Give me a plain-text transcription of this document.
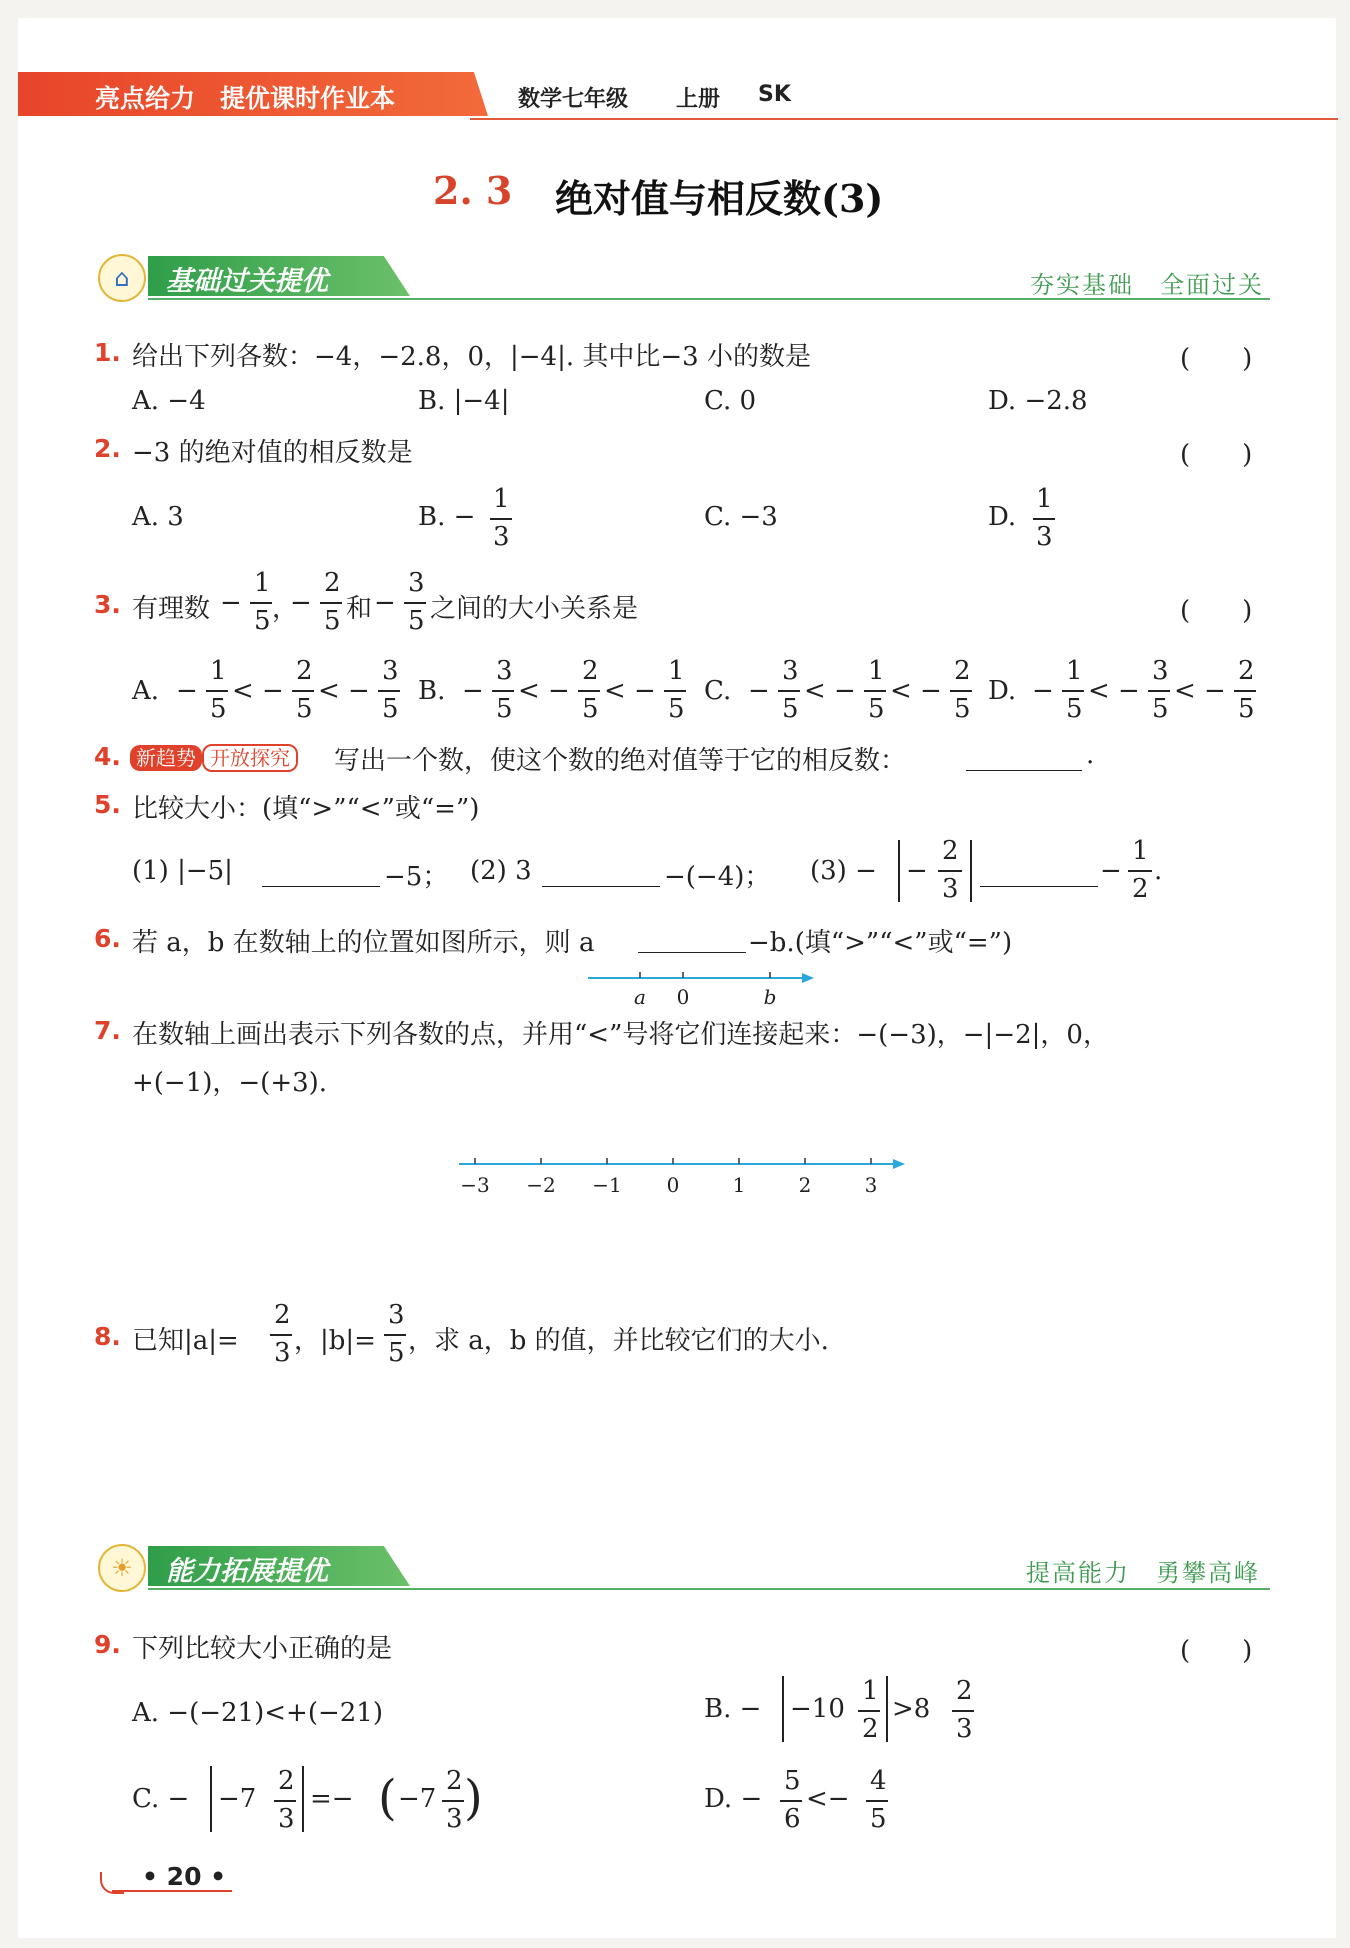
亮点给力　提优课时作业本	数学七年级 上册 SK
2. 3 绝对值与相反数(3)
⌂	基础过关提优	夯实基础　全面过关
1. 给出下列各数：−4，−2.8，0，|−4|. 其中比−3 小的数是	(　　)
A. −4	B. |−4|	C. 0	D. −2.8
2. −3 的绝对值的相反数是	(　　)
A. 3	B. −
1
3
C. −3	D.
1
3
3. 有理数 −
1
5 ，
−
2
5
−
3
5
和 之间的大小关系是	(　　)
A. −
1
5
< −
2
5
< −
3
5
B. −
3
5
< −
2
5
< −
1
5
C. −
3
5
< −
1
5
< −
2
5
D. −
1
5
< −
3
5
< −
2
5
4. 新趋势 开放探究	写出一个数，使这个数的绝对值等于它的相反数：	.
5. 比较大小：(填“>”“<”或“=”)
(1) |−5|	−5； (2) 3	−(−4)； (3) − −
2
3
−
1
2
.
6. 若 a，b 在数轴上的位置如图所示，则 a	−b.(填“>”“<”或“=”)
a 0	b
7. 在数轴上画出表示下列各数的点，并用“<”号将它们连接起来：−(−3)，−|−2|，0，
+(−1)，−(+3).
−3 −2 −1 0	1	2	3
8. 已知|a|=
2
3 ，|b|=
3
5 ，求 a，b 的值，并比较它们的大小.
☀	能力拓展提优	提高能力　勇攀高峰
9. 下列比较大小正确的是	(　　)
A. −(−21)<+(−21)	B. − −10
1
2
>8
2
3
C. − −7
2
3
=− ( −7
2
3 )	D. −
5
6
<−
4
5
• 20 •
